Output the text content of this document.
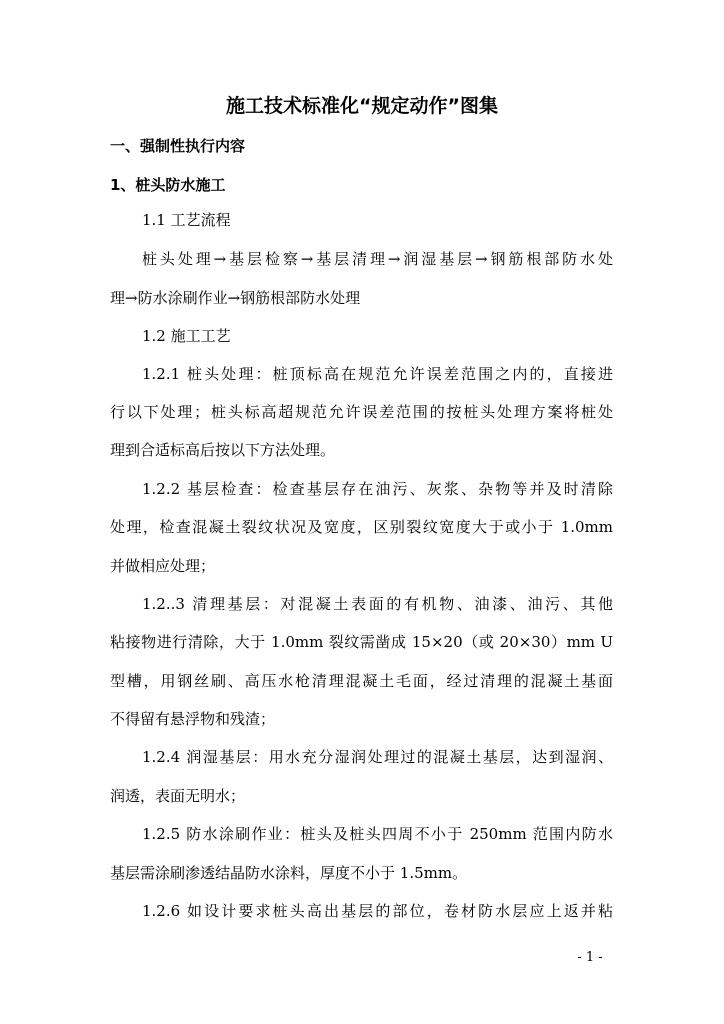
施工技术标准化“规定动作”图集
一、强制性执行内容
1、桩头防水施工
1.1 工艺流程
桩头处理→基层检察→基层清理→润湿基层→钢筋根部防水处
理→防水涂刷作业→钢筋根部防水处理
1.2 施工工艺
1.2.1 桩头处理：桩顶标高在规范允许误差范围之内的，直接进
行以下处理；桩头标高超规范允许误差范围的按桩头处理方案将桩处
理到合适标高后按以下方法处理。
1.2.2 基层检查：检查基层存在油污、灰浆、杂物等并及时清除
处理，检查混凝土裂纹状况及宽度，区别裂纹宽度大于或小于 1.0mm
并做相应处理；
1.2..3 清理基层：对混凝土表面的有机物、油漆、油污、其他
粘接物进行清除，大于 1.0mm 裂纹需凿成 15×20（或 20×30）mm U
型槽，用钢丝刷、高压水枪清理混凝土毛面，经过清理的混凝土基面
不得留有悬浮物和残渣；
1.2.4 润湿基层：用水充分湿润处理过的混凝土基层，达到湿润、
润透，表面无明水；
1.2.5 防水涂刷作业：桩头及桩头四周不小于 250mm 范围内防水
基层需涂刷渗透结晶防水涂料，厚度不小于 1.5mm。
1.2.6 如设计要求桩头高出基层的部位，卷材防水层应上返并粘
- 1 -
